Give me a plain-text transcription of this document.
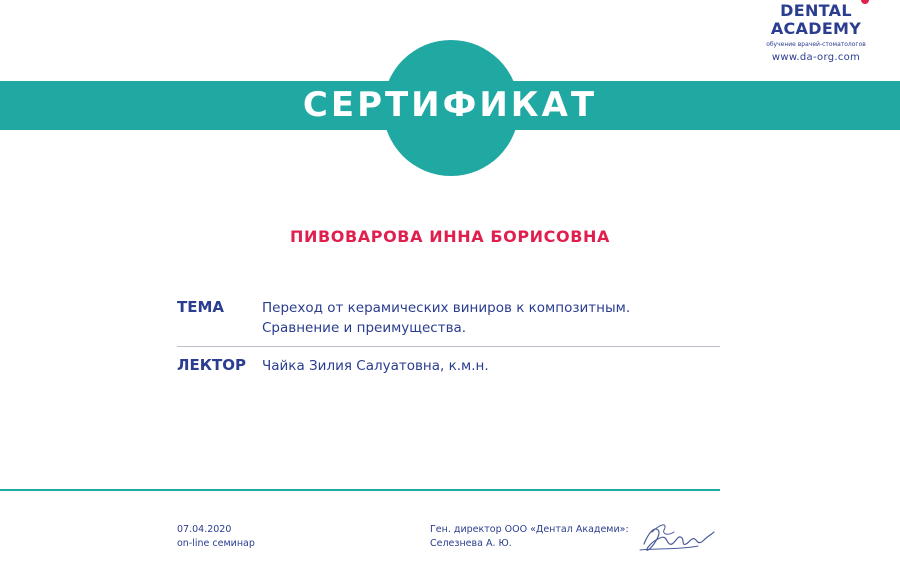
DENTAL
ACADEMY
обучение врачей-стоматологов
www.da-org.com
СЕРТИФИКАТ
ПИВОВАРОВА ИННА БОРИСОВНА
ТЕМА	Переход от керамических виниров к композитным.
Сравнение и преимущества.
ЛЕКТОР Чайка Зилия Салуатовна, к.м.н.
07.04.2020
on-line семинар
Ген. директор ООО «Дентал Академи»:
Селезнева А. Ю.
